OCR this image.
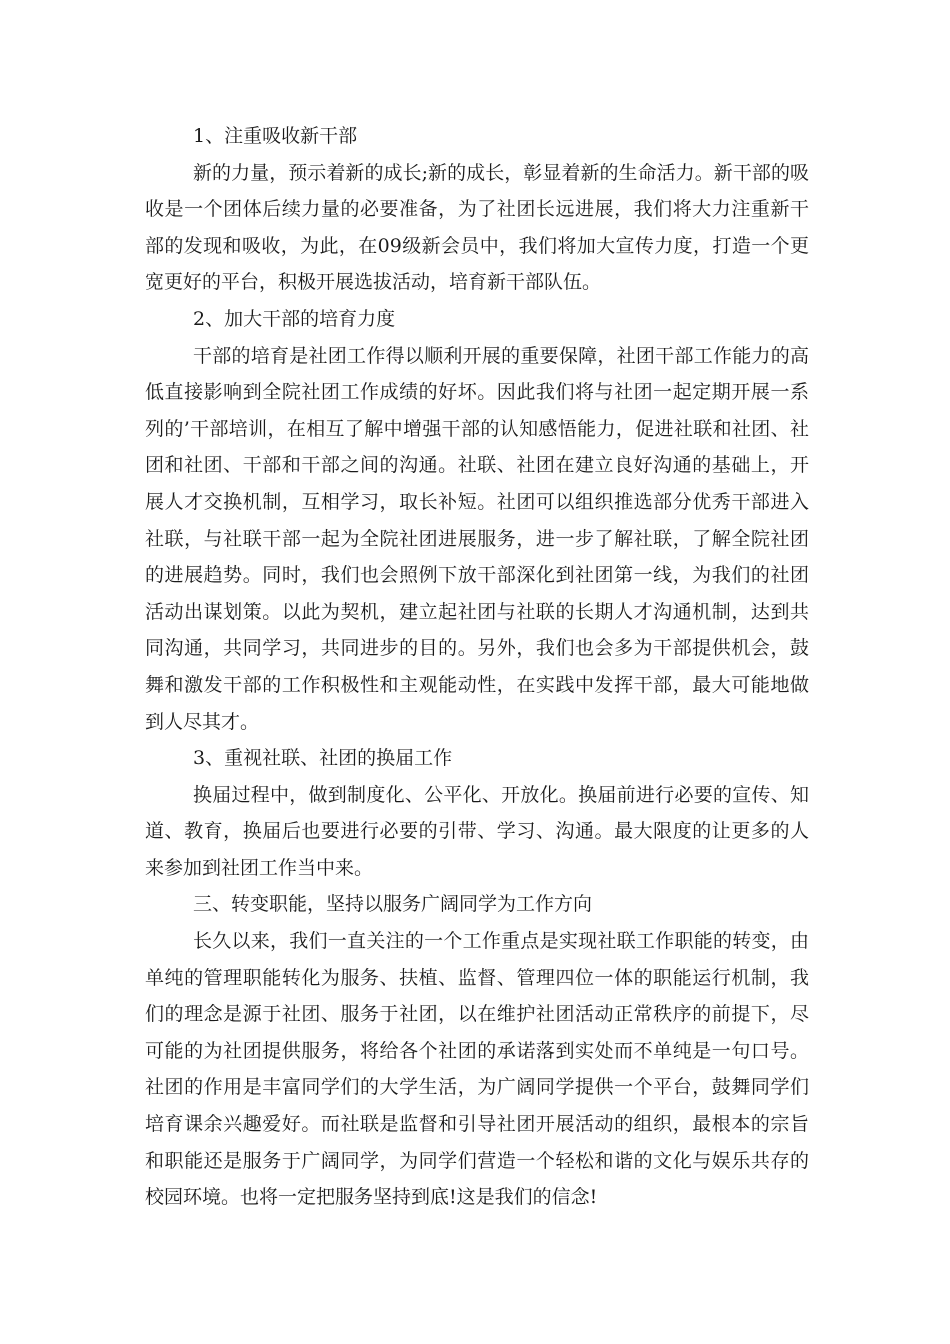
1、注重吸收新干部

新的力量，预示着新的成长;新的成长，彰显着新的生命活力。新干部的吸收是一个团体后续力量的必要准备，为了社团长远进展，我们将大力注重新干部的发现和吸收，为此，在09级新会员中，我们将加大宣传力度，打造一个更宽更好的平台，积极开展选拔活动，培育新干部队伍。

2、加大干部的培育力度

干部的培育是社团工作得以顺利开展的重要保障，社团干部工作能力的高低直接影响到全院社团工作成绩的好坏。因此我们将与社团一起定期开展一系列的’干部培训，在相互了解中增强干部的认知感悟能力，促进社联和社团、社团和社团、干部和干部之间的沟通。社联、社团在建立良好沟通的基础上，开展人才交换机制，互相学习，取长补短。社团可以组织推选部分优秀干部进入社联，与社联干部一起为全院社团进展服务，进一步了解社联，了解全院社团的进展趋势。同时，我们也会照例下放干部深化到社团第一线，为我们的社团活动出谋划策。以此为契机，建立起社团与社联的长期人才沟通机制，达到共同沟通，共同学习，共同进步的目的。另外，我们也会多为干部提供机会，鼓舞和激发干部的工作积极性和主观能动性，在实践中发挥干部，最大可能地做到人尽其才。

3、重视社联、社团的换届工作

换届过程中，做到制度化、公平化、开放化。换届前进行必要的宣传、知道、教育，换届后也要进行必要的引带、学习、沟通。最大限度的让更多的人来参加到社团工作当中来。

三、转变职能，坚持以服务广阔同学为工作方向

长久以来，我们一直关注的一个工作重点是实现社联工作职能的转变，由单纯的管理职能转化为服务、扶植、监督、管理四位一体的职能运行机制，我们的理念是源于社团、服务于社团，以在维护社团活动正常秩序的前提下，尽可能的为社团提供服务，将给各个社团的承诺落到实处而不单纯是一句口号。社团的作用是丰富同学们的大学生活，为广阔同学提供一个平台，鼓舞同学们培育课余兴趣爱好。而社联是监督和引导社团开展活动的组织，最根本的宗旨和职能还是服务于广阔同学，为同学们营造一个轻松和谐的文化与娱乐共存的校园环境。也将一定把服务坚持到底!这是我们的信念!
